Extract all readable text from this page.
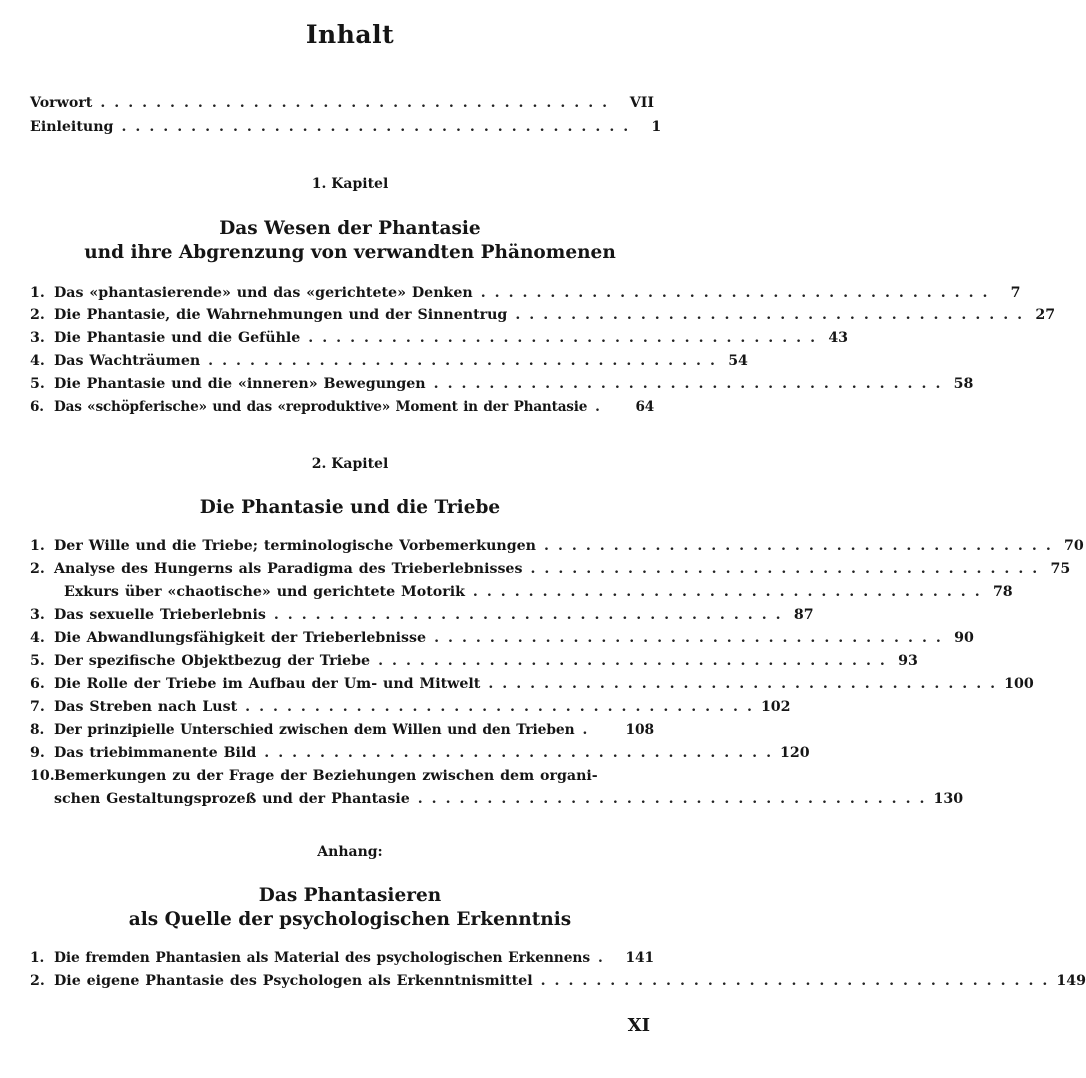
Inhalt
Vorwort ..................................... VII
Einleitung ..................................... 1
1. Kapitel
Das Wesen der Phantasie
und ihre Abgrenzung von verwandten Phänomenen
1. Das «phantasierende» und das «gerichtete» Denken ..................................... 7
2. Die Phantasie, die Wahrnehmungen und der Sinnentrug ..................................... 27
3. Die Phantasie und die Gefühle ..................................... 43
4. Das Wachträumen ..................................... 54
5. Die Phantasie und die «inneren» Bewegungen ..................................... 58
6. Das «schöpferische» und das «reproduktive» Moment in der Phantasie .	64
2. Kapitel
Die Phantasie und die Triebe
1. Der Wille und die Triebe; terminologische Vorbemerkungen ..................................... 70
2. Analyse des Hungerns als Paradigma des Trieberlebnisses ..................................... 75
Exkurs über «chaotische» und gerichtete Motorik ..................................... 78
3. Das sexuelle Trieberlebnis ..................................... 87
4. Die Abwandlungsfähigkeit der Trieberlebnisse ..................................... 90
5. Der spezifische Objektbezug der Triebe ..................................... 93
6. Die Rolle der Triebe im Aufbau der Um- und Mitwelt ..................................... 100
7. Das Streben nach Lust ..................................... 102
8. Der prinzipielle Unterschied zwischen dem Willen und den Trieben .	108
9. Das triebimmanente Bild ..................................... 120
10. Bemerkungen zu der Frage der Beziehungen zwischen dem organi-
schen Gestaltungsprozeß und der Phantasie ..................................... 130
Anhang:
Das Phantasieren
als Quelle der psychologischen Erkenntnis
1. Die fremden Phantasien als Material des psychologischen Erkennens . 141
2. Die eigene Phantasie des Psychologen als Erkenntnismittel ..................................... 149
XI
